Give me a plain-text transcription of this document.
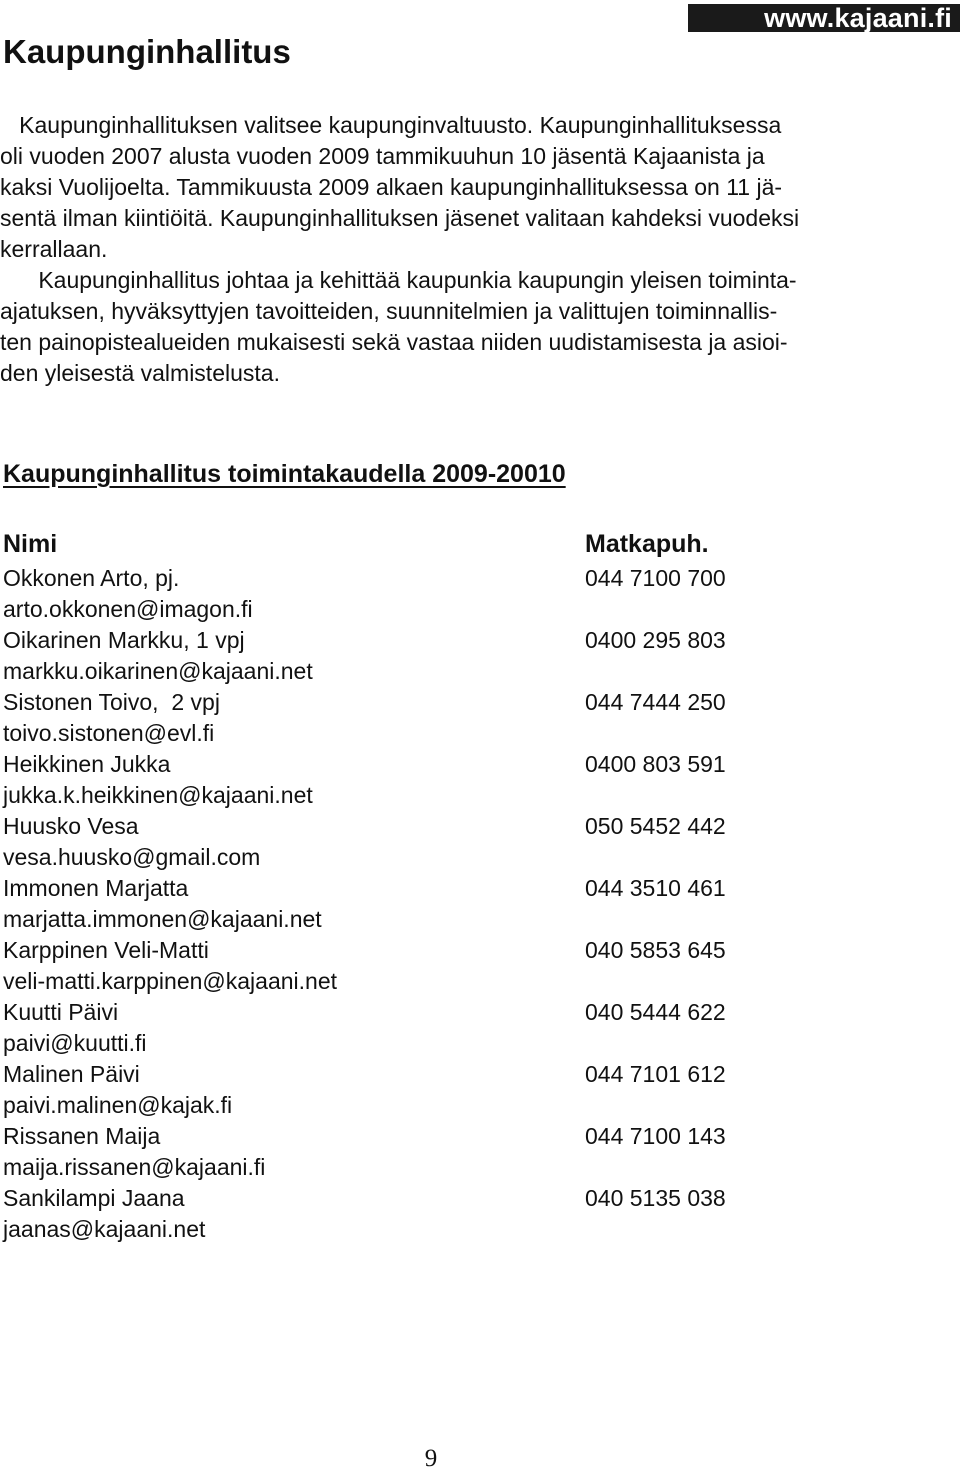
www.kajaani.fi
Kaupunginhallitus
Kaupunginhallituksen valitsee kaupunginvaltuusto. Kaupunginhallituksessa
oli vuoden 2007 alusta vuoden 2009 tammikuuhun 10 jäsentä Kajaanista ja
kaksi Vuolijoelta. Tammikuusta 2009 alkaen kaupunginhallituksessa on 11 jä-
sentä ilman kiintiöitä. Kaupunginhallituksen jäsenet valitaan kahdeksi vuodeksi
kerrallaan.
Kaupunginhallitus johtaa ja kehittää kaupunkia kaupungin yleisen toiminta-
ajatuksen, hyväksyttyjen tavoitteiden, suunnitelmien ja valittujen toiminnallis-
ten painopistealueiden mukaisesti sekä vastaa niiden uudistamisesta ja asioi-
den yleisestä valmistelusta.
Kaupunginhallitus toimintakaudella 2009-20010
Nimi	Matkapuh.
Okkonen Arto, pj.	044 7100 700
arto.okkonen@imagon.fi
Oikarinen Markku, 1 vpj	0400 295 803
markku.oikarinen@kajaani.net
Sistonen Toivo,  2 vpj	044 7444 250
toivo.sistonen@evl.fi
Heikkinen Jukka	0400 803 591
jukka.k.heikkinen@kajaani.net
Huusko Vesa	050 5452 442
vesa.huusko@gmail.com
Immonen Marjatta	044 3510 461
marjatta.immonen@kajaani.net
Karppinen Veli-Matti	040 5853 645
veli-matti.karppinen@kajaani.net
Kuutti Päivi	040 5444 622
paivi@kuutti.fi
Malinen Päivi	044 7101 612
paivi.malinen@kajak.fi
Rissanen Maija	044 7100 143
maija.rissanen@kajaani.fi
Sankilampi Jaana	040 5135 038
jaanas@kajaani.net
9
